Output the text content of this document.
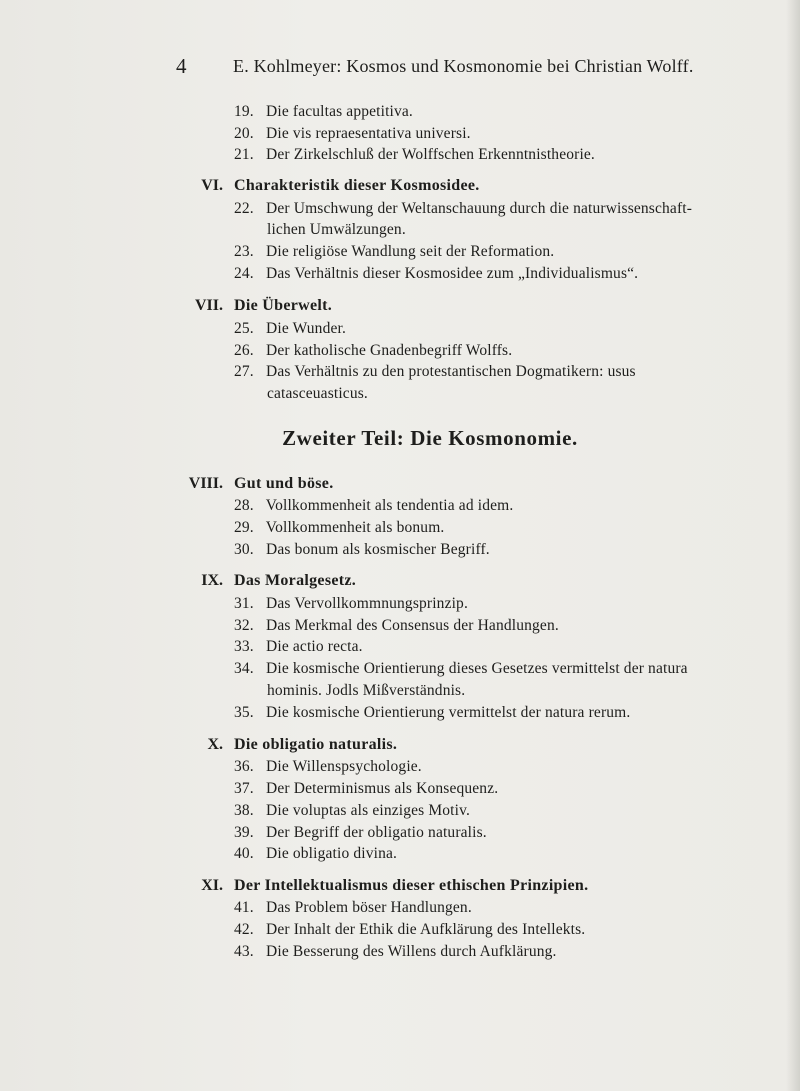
4	E. Kohlmeyer: Kosmos und Kosmonomie bei Christian Wolff.
19. Die facultas appetitiva.
20. Die vis repraesentativa universi.
21. Der Zirkelschluß der Wolffschen Erkenntnistheorie.
VI. Charakteristik dieser Kosmosidee.
22. Der Umschwung der Weltanschauung durch die naturwissenschaft-
lichen Umwälzungen.
23. Die religiöse Wandlung seit der Reformation.
24. Das Verhältnis dieser Kosmosidee zum „Individualismus“.
VII. Die Überwelt.
25. Die Wunder.
26. Der katholische Gnadenbegriff Wolffs.
27. Das Verhältnis zu den protestantischen Dogmatikern: usus
catasceuasticus.
Zweiter Teil: Die Kosmonomie.
VIII. Gut und böse.
28. Vollkommenheit als tendentia ad idem.
29. Vollkommenheit als bonum.
30. Das bonum als kosmischer Begriff.
IX. Das Moralgesetz.
31. Das Vervollkommnungsprinzip.
32. Das Merkmal des Consensus der Handlungen.
33. Die actio recta.
34. Die kosmische Orientierung dieses Gesetzes vermittelst der natura
hominis. Jodls Mißverständnis.
35. Die kosmische Orientierung vermittelst der natura rerum.
X. Die obligatio naturalis.
36. Die Willenspsychologie.
37. Der Determinismus als Konsequenz.
38. Die voluptas als einziges Motiv.
39. Der Begriff der obligatio naturalis.
40. Die obligatio divina.
XI. Der Intellektualismus dieser ethischen Prinzipien.
41. Das Problem böser Handlungen.
42. Der Inhalt der Ethik die Aufklärung des Intellekts.
43. Die Besserung des Willens durch Aufklärung.
